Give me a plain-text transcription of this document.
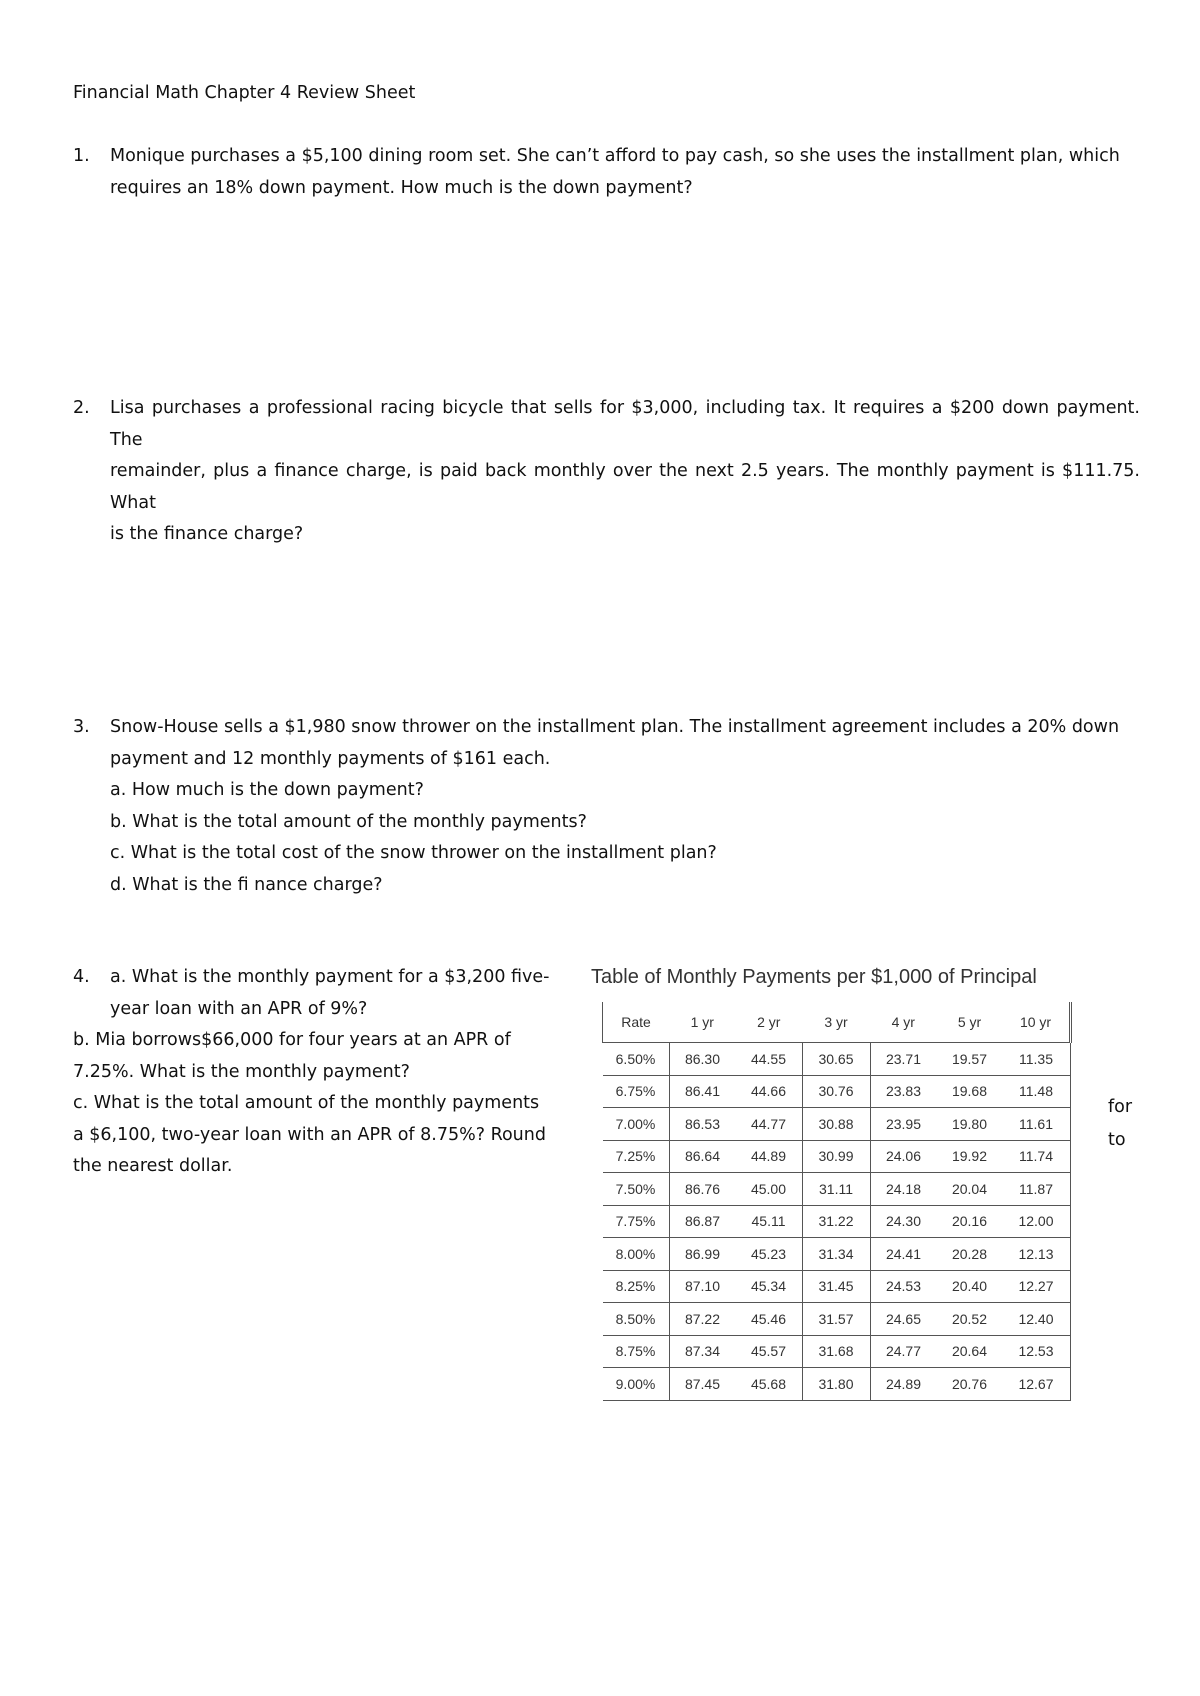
Financial Math Chapter 4 Review Sheet
1. Monique purchases a $5,100 dining room set. She can’t afford to pay cash, so she uses the installment plan, which
requires an 18% down payment. How much is the down payment?
2. Lisa purchases a professional racing bicycle that sells for $3,000, including tax. It requires a $200 down payment. The
remainder, plus a finance charge, is paid back monthly over the next 2.5 years. The monthly payment is $111.75. What
is the finance charge?
3. Snow-House sells a $1,980 snow thrower on the installment plan. The installment agreement includes a 20% down
payment and 12 monthly payments of $161 each.
a. How much is the down payment?
b. What is the total amount of the monthly payments?
c. What is the total cost of the snow thrower on the installment plan?
d. What is the fi nance charge?
4. a. What is the monthly payment for a $3,200 five-
year loan with an APR of 9%?
b. Mia borrows$66,000 for four years at an APR of
7.25%. What is the monthly payment?
c. What is the total amount of the monthly payments
a $6,100, two-year loan with an APR of 8.75%? Round
the nearest dollar.
for
to
Table of Monthly Payments per $1,000 of Principal
Rate	1 yr	2 yr	3 yr	4 yr	5 yr	10 yr
6.50%	86.30	44.55	30.65	23.71	19.57	11.35
6.75%	86.41	44.66	30.76	23.83	19.68	11.48
7.00%	86.53	44.77	30.88	23.95	19.80	11.61
7.25%	86.64	44.89	30.99	24.06	19.92	11.74
7.50%	86.76	45.00	31.11	24.18	20.04	11.87
7.75%	86.87	45.11	31.22	24.30	20.16	12.00
8.00%	86.99	45.23	31.34	24.41	20.28	12.13
8.25%	87.10	45.34	31.45	24.53	20.40	12.27
8.50%	87.22	45.46	31.57	24.65	20.52	12.40
8.75%	87.34	45.57	31.68	24.77	20.64	12.53
9.00%	87.45	45.68	31.80	24.89	20.76	12.67
